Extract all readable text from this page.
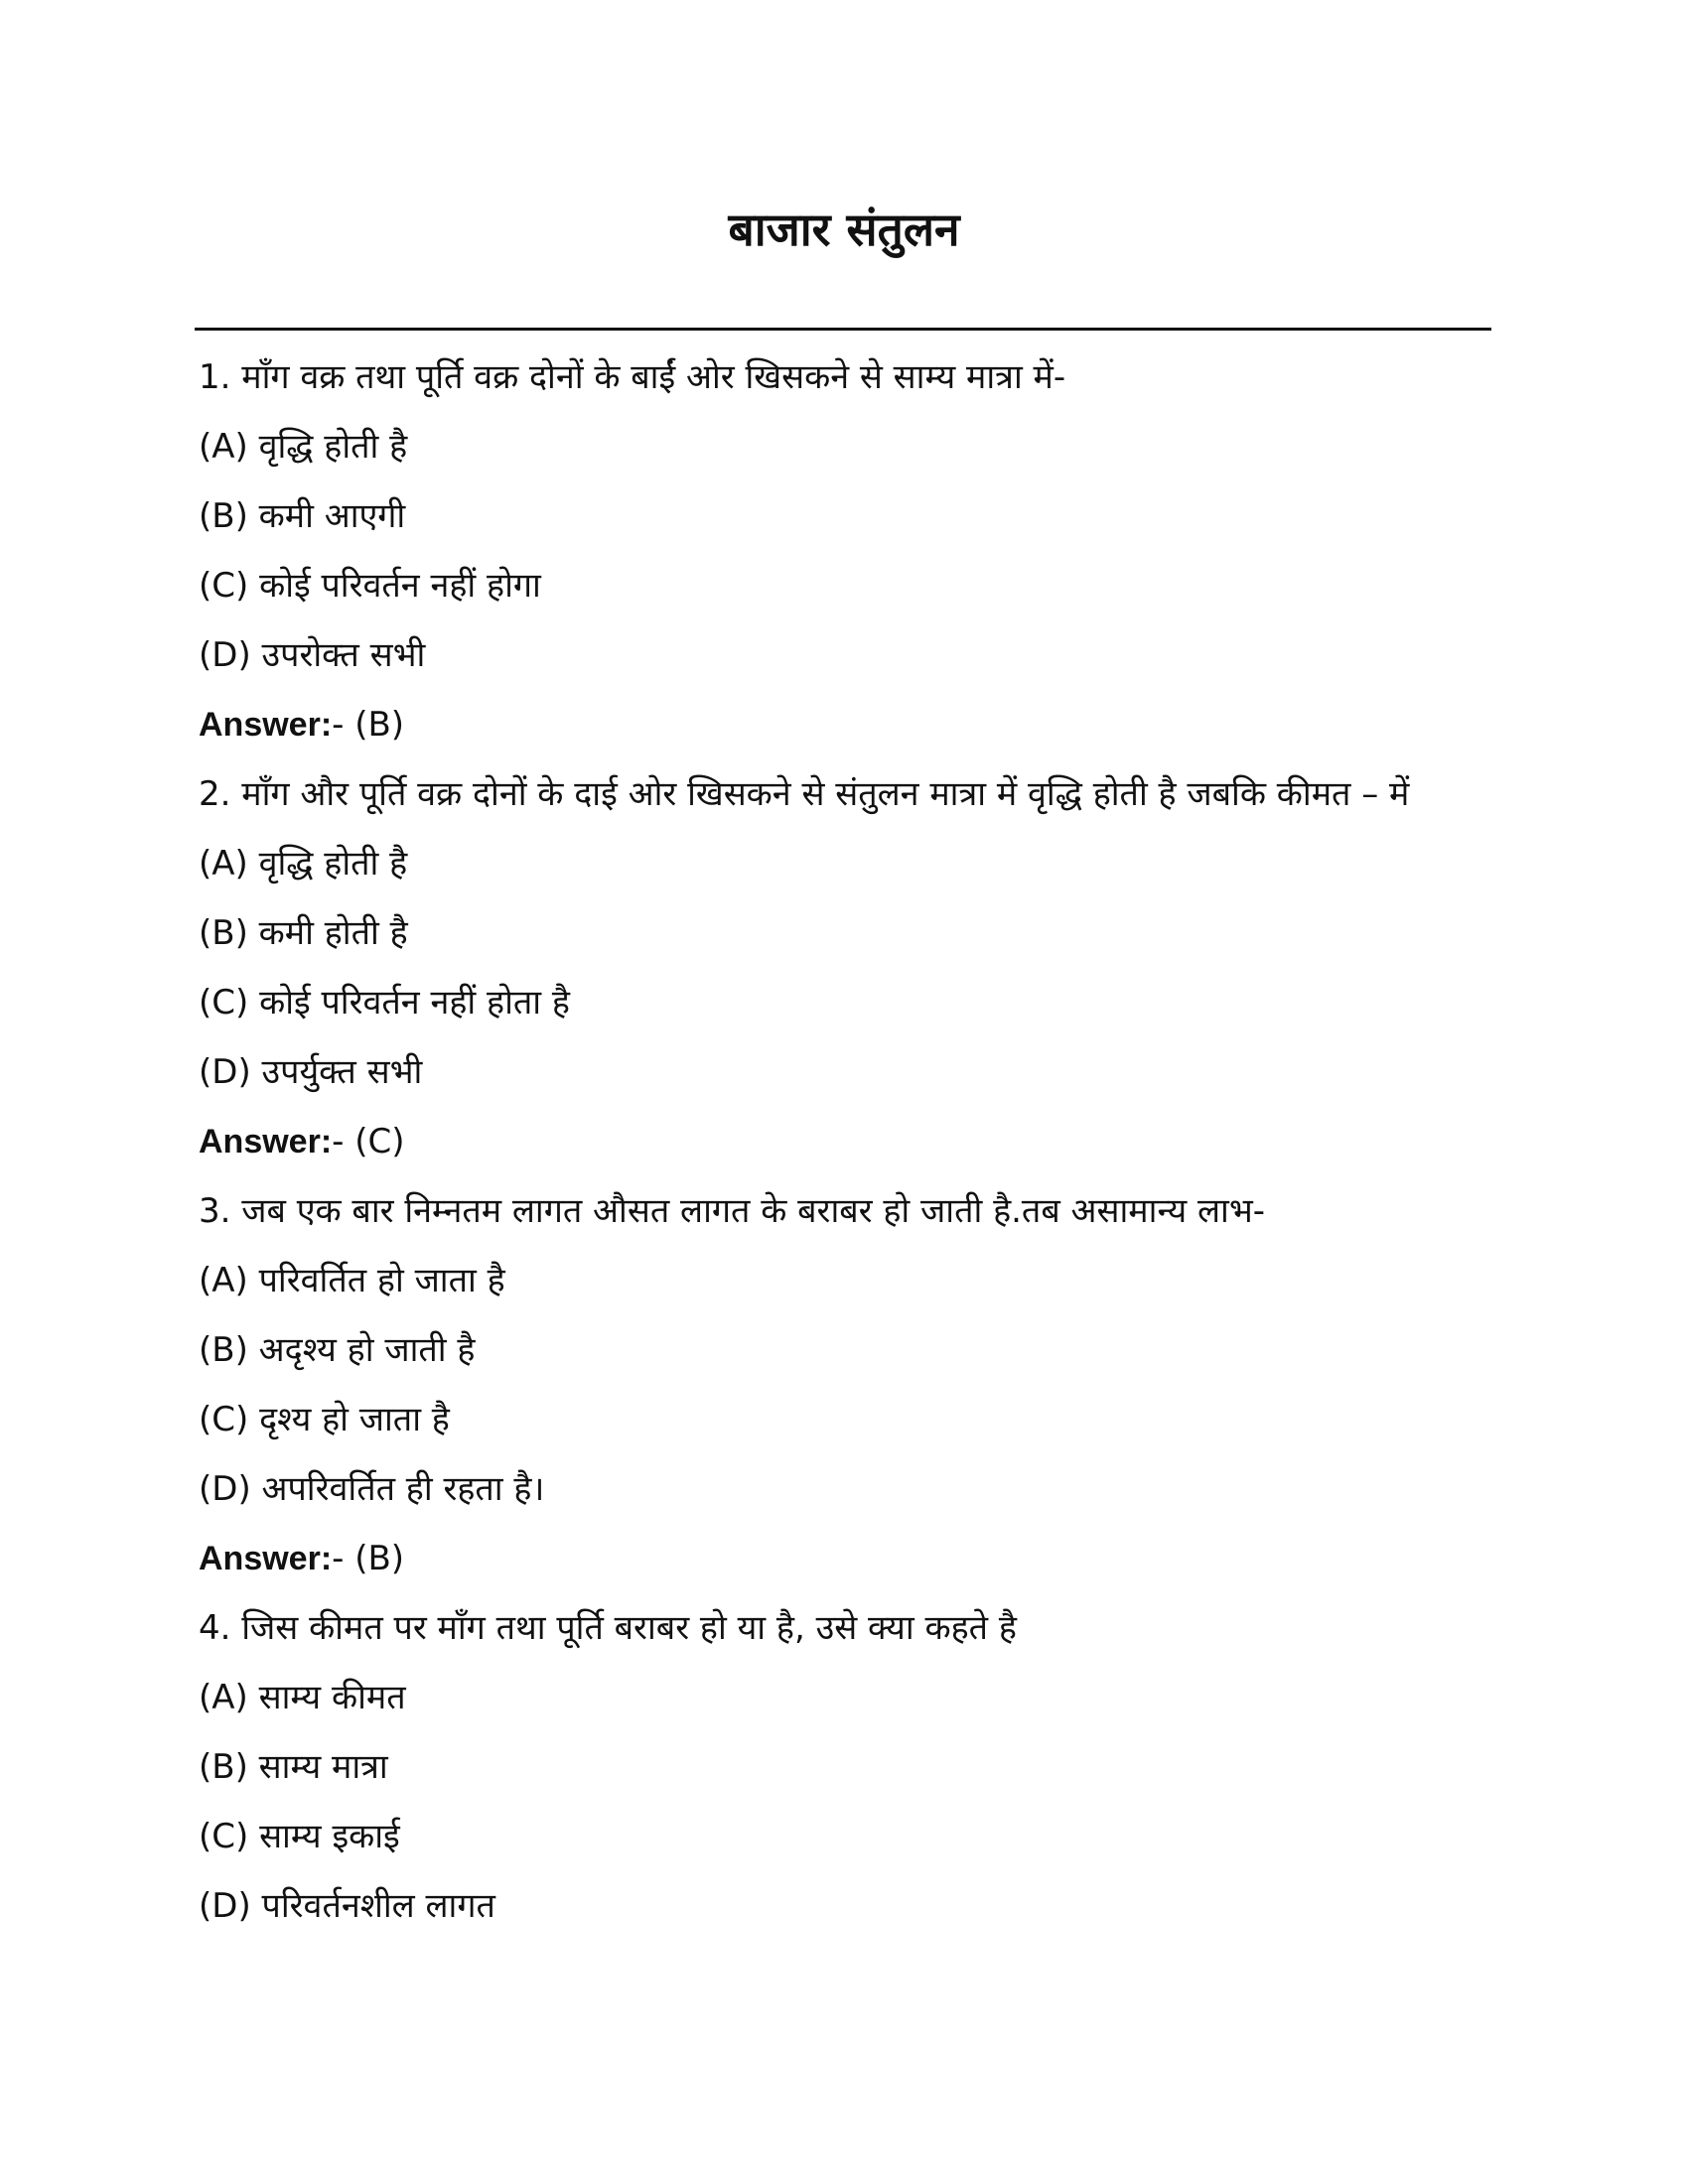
बाजार संतुलन
1. माँग वक्र तथा पूर्ति वक्र दोनों के बाईं ओर खिसकने से साम्य मात्रा में-
(A) वृद्धि होती है
(B) कमी आएगी
(C) कोई परिवर्तन नहीं होगा
(D) उपरोक्त सभी
Answer:- (B)
2. माँग और पूर्ति वक्र दोनों के दाई ओर खिसकने से संतुलन मात्रा में वृद्धि होती है जबकि कीमत – में
(A) वृद्धि होती है
(B) कमी होती है
(C) कोई परिवर्तन नहीं होता है
(D) उपर्युक्त सभी
Answer:- (C)
3. जब एक बार निम्नतम लागत औसत लागत के बराबर हो जाती है.तब असामान्य लाभ-
(A) परिवर्तित हो जाता है
(B) अदृश्य हो जाती है
(C) दृश्य हो जाता है
(D) अपरिवर्तित ही रहता है।
Answer:- (B)
4. जिस कीमत पर माँग तथा पूर्ति बराबर हो या है, उसे क्या कहते है
(A) साम्य कीमत
(B) साम्य मात्रा
(C) साम्य इकाई
(D) परिवर्तनशील लागत
